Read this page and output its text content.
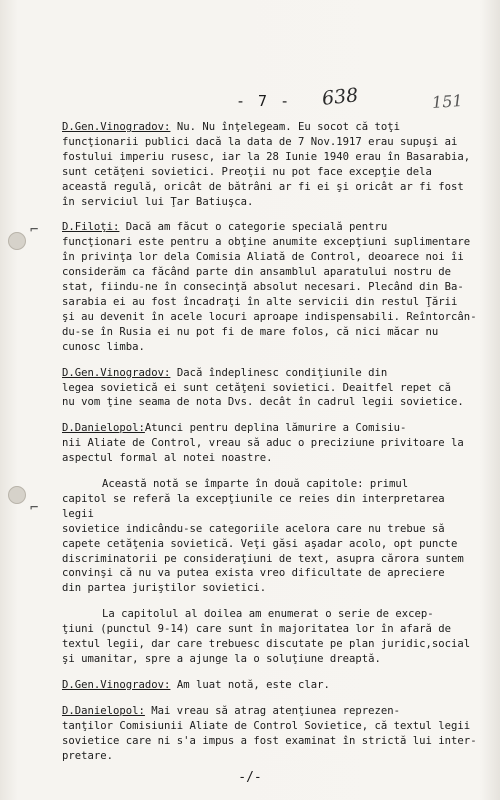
⌐
⌐
- 7 - 638	151

D.Gen.Vinogradov: Nu. Nu înţelegeam. Eu socot că toţi
funcţionarii publici dacă la data de 7 Nov.1917 erau supuşi ai
fostului imperiu rusesc, iar la 28 Iunie 1940 erau în Basarabia,
sunt cetăţeni sovietici. Preoţii nu pot face excepţie dela
această regulă, oricât de bătrâni ar fi ei şi oricât ar fi fost
în serviciul lui Ţar Batiuşca.

D.Filoţi: Dacă am făcut o categorie specială pentru
funcţionari este pentru a obţine anumite excepţiuni suplimentare
în privinţa lor dela Comisia Aliată de Control, deoarece noi îi
considerăm ca făcând parte din ansamblul aparatului nostru de
stat, fiindu-ne în consecinţă absolut necesari. Plecând din Ba-
sarabia ei au fost încadraţi în alte servicii din restul Ţării
şi au devenit în acele locuri aproape indispensabili. Reîntorcân-
du-se în Rusia ei nu pot fi de mare folos, că nici măcar nu
cunosc limba.

D.Gen.Vinogradov: Dacă îndeplinesc condiţiunile din
legea sovietică ei sunt cetăţeni sovietici. Deaitfel repet că
nu vom ţine seama de nota Dvs. decât în cadrul legii sovietice.

D.Danielopol:Atunci pentru deplina lămurire a Comisiu-
nii Aliate de Control, vreau să aduc o preciziune privitoare la
aspectul formal al notei noastre.

Această notă se împarte în două capitole: primul
capitol se referă la excepţiunile ce reies din interpretarea legii
sovietice indicându-se categoriile acelora care nu trebue să
capete cetăţenia sovietică. Veţi găsi aşadar acolo, opt puncte
discriminatorii pe consideraţiuni de text, asupra cărora suntem
convinşi că nu va putea exista vreo dificultate de apreciere
din partea juriştilor sovietici.

La capitolul al doilea am enumerat o serie de excep-
ţiuni (punctul 9-14) care sunt în majoritatea lor în afară de
textul legii, dar care trebuesc discutate pe plan juridic,social
şi umanitar, spre a ajunge la o soluţiune dreaptă.

D.Gen.Vinogradov: Am luat notă, este clar.

D.Danielopol: Mai vreau să atrag atenţiunea reprezen-
tanţilor Comisiunii Aliate de Control Sovietice, că textul legii
sovietice care ni s'a impus a fost examinat în strictă lui inter-
pretare.

-/-
